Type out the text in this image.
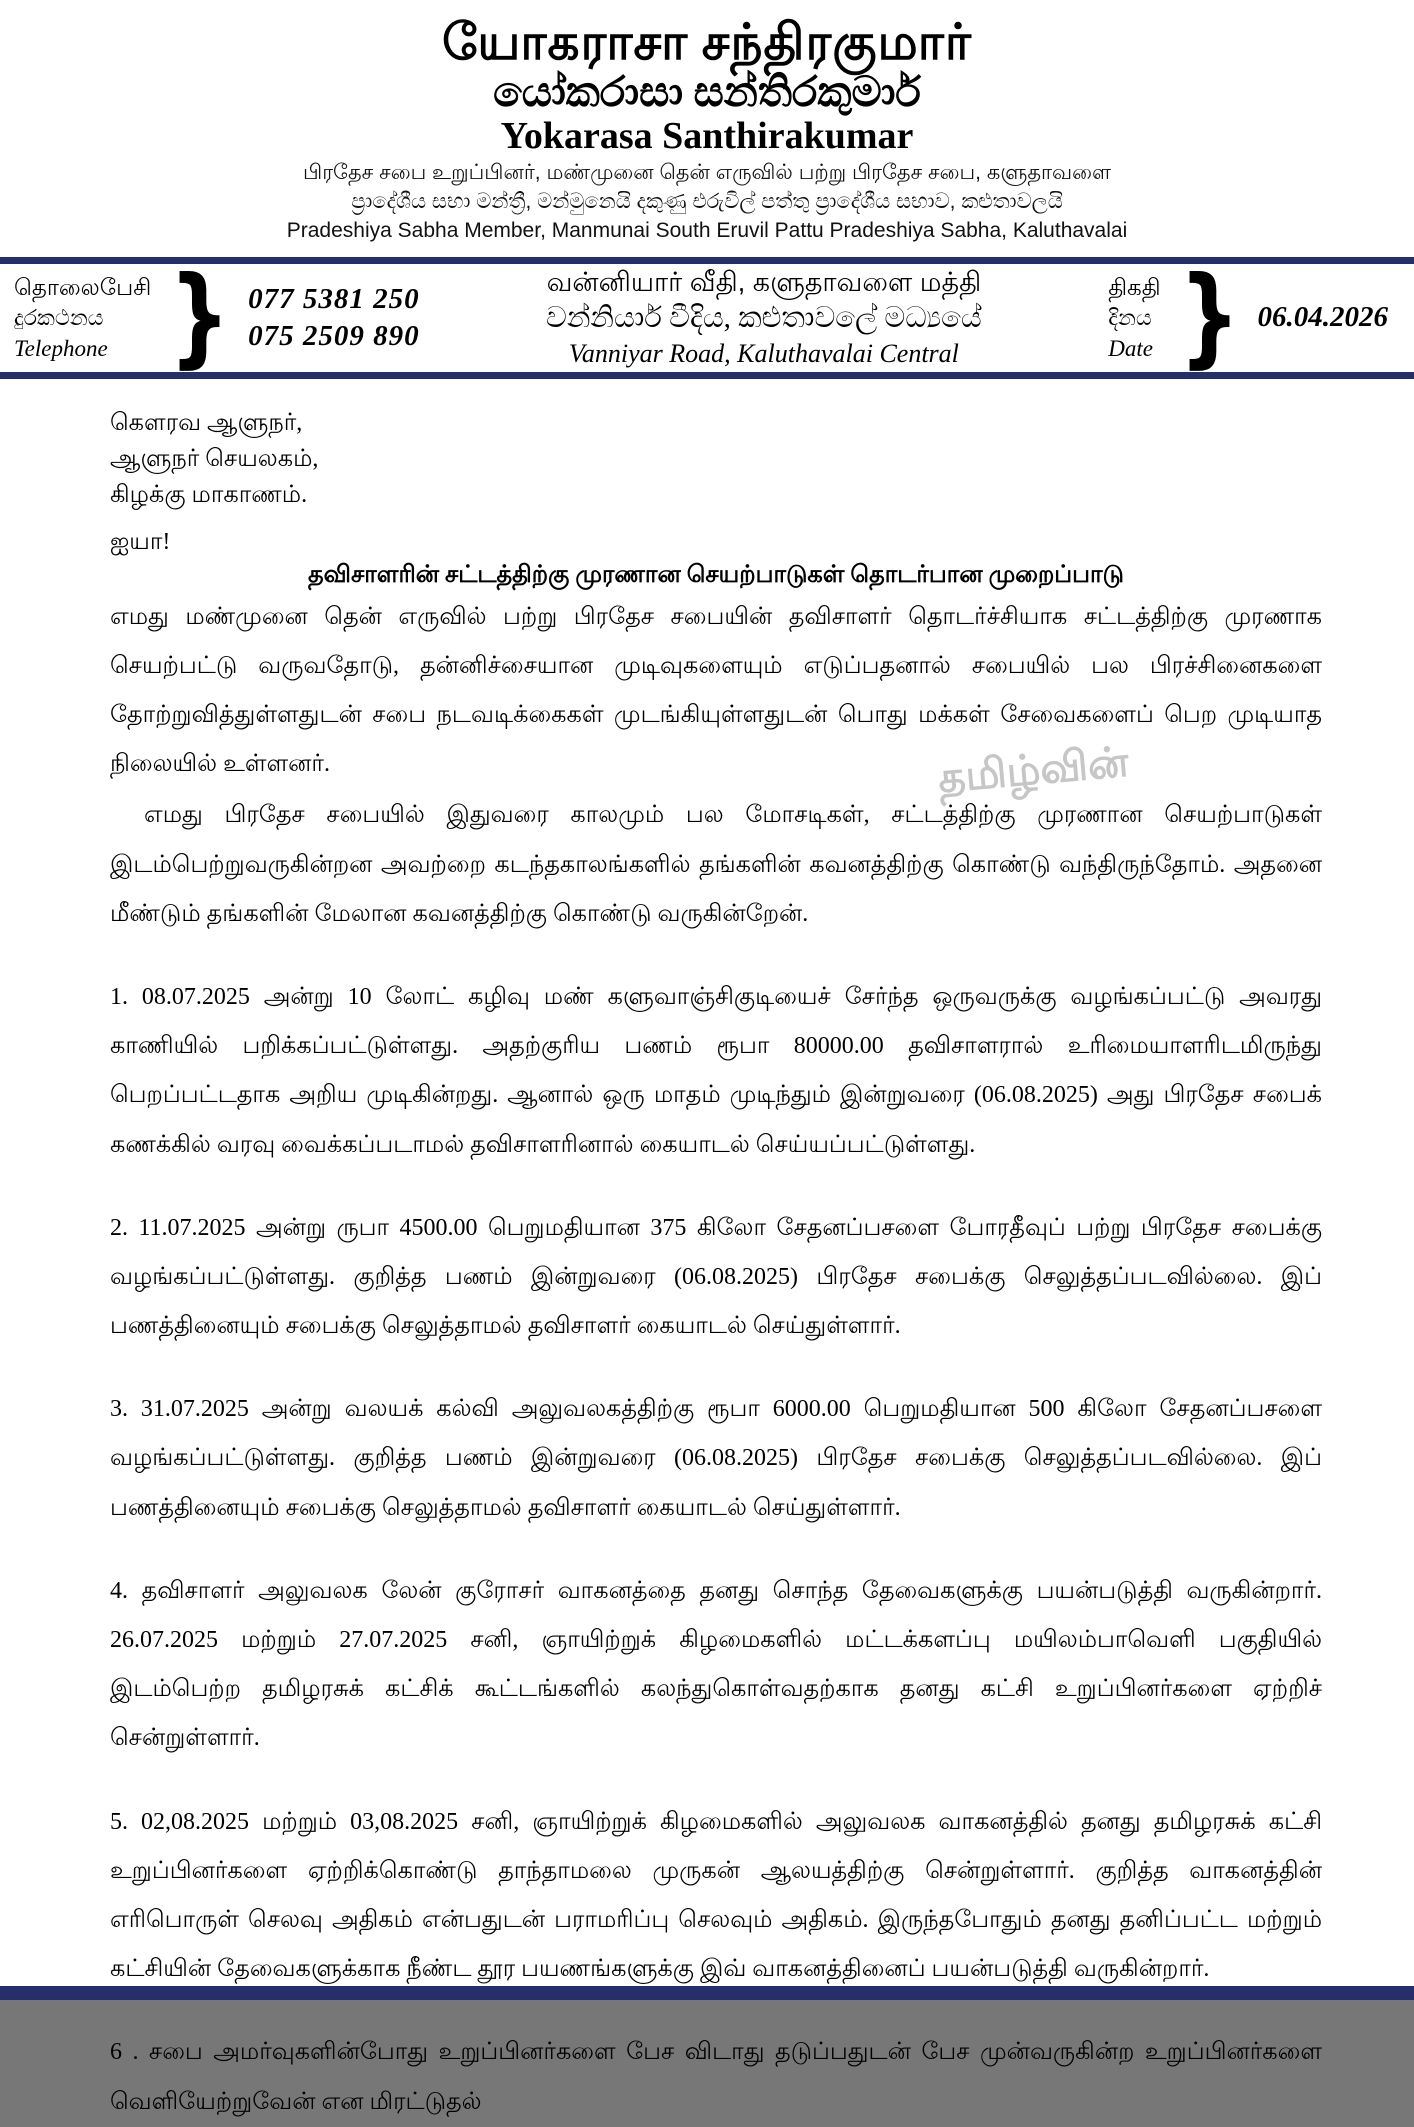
யோகராசா சந்திரகுமார்
යෝකරාසා සන්තිරකුමාර්
Yokarasa Santhirakumar
பிரதேச சபை உறுப்பினர், மண்முனை தென் எருவில் பற்று பிரதேச சபை, களுதாவளை
ප්‍රාදේශීය සභා මන්ත්‍රී, මන්මුනෙයි දකුණු එරුවිල් පත්තු ප්‍රාදේශීය සභාව, කළුතාවලයි
Pradeshiya Sabha Member, Manmunai South Eruvil Pattu Pradeshiya Sabha, Kaluthavalai
தொலைபேசி
දුරකථනය
Telephone } 077 5381 250
075 2509 890
வன்னியார் வீதி, களுதாவளை மத்தி
වන්නියාර් වීදිය, කළුතාවලේ මධ්‍යයේ
Vanniyar Road, Kaluthavalai Central
திகதி
දිනය
Date } 06.04.2026
கௌரவ ஆளுநர்,
ஆளுநர் செயலகம்,
கிழக்கு மாகாணம்.
ஐயா!
தவிசாளரின் சட்டத்திற்கு முரணான செயற்பாடுகள் தொடர்பான முறைப்பாடு

எமது மண்முனை தென் எருவில் பற்று பிரதேச சபையின் தவிசாளர் தொடர்ச்சியாக சட்டத்திற்கு முரணாக செயற்பட்டு வருவதோடு, தன்னிச்சையான முடிவுகளையும் எடுப்பதனால் சபையில் பல பிரச்சினைகளை தோற்றுவித்துள்ளதுடன் சபை நடவடிக்கைகள் முடங்கியுள்ளதுடன் பொது மக்கள் சேவைகளைப் பெற முடியாத நிலையில் உள்ளனர்.

எமது பிரதேச சபையில் இதுவரை காலமும் பல மோசடிகள், சட்டத்திற்கு முரணான செயற்பாடுகள் இடம்பெற்றுவருகின்றன அவற்றை கடந்தகாலங்களில் தங்களின் கவனத்திற்கு கொண்டு வந்திருந்தோம். அதனை மீண்டும் தங்களின் மேலான கவனத்திற்கு கொண்டு வருகின்றேன்.

1. 08.07.2025 அன்று 10 லோட் கழிவு மண் களுவாஞ்சிகுடியைச் சேர்ந்த ஒருவருக்கு வழங்கப்பட்டு அவரது காணியில் பறிக்கப்பட்டுள்ளது. அதற்குரிய பணம் ரூபா 80000.00 தவிசாளரால் உரிமையாளரிடமிருந்து பெறப்பட்டதாக அறிய முடிகின்றது. ஆனால் ஒரு மாதம் முடிந்தும் இன்றுவரை (06.08.2025) அது பிரதேச சபைக் கணக்கில் வரவு வைக்கப்படாமல் தவிசாளரினால் கையாடல் செய்யப்பட்டுள்ளது.

2. 11.07.2025 அன்று ருபா 4500.00 பெறுமதியான 375 கிலோ சேதனப்பசளை போரதீவுப் பற்று பிரதேச சபைக்கு வழங்கப்பட்டுள்ளது. குறித்த பணம் இன்றுவரை (06.08.2025) பிரதேச சபைக்கு செலுத்தப்படவில்லை. இப் பணத்தினையும் சபைக்கு செலுத்தாமல் தவிசாளர் கையாடல் செய்துள்ளார்.

3. 31.07.2025 அன்று வலயக் கல்வி அலுவலகத்திற்கு ரூபா 6000.00 பெறுமதியான 500 கிலோ சேதனப்பசளை வழங்கப்பட்டுள்ளது. குறித்த பணம் இன்றுவரை (06.08.2025) பிரதேச சபைக்கு செலுத்தப்படவில்லை. இப் பணத்தினையும் சபைக்கு செலுத்தாமல் தவிசாளர் கையாடல் செய்துள்ளார்.

4. தவிசாளர் அலுவலக லேன் குரோசர் வாகனத்தை தனது சொந்த தேவைகளுக்கு பயன்படுத்தி வருகின்றார். 26.07.2025 மற்றும் 27.07.2025 சனி, ஞாயிற்றுக் கிழமைகளில் மட்டக்களப்பு மயிலம்பாவெளி பகுதியில் இடம்பெற்ற தமிழரசுக் கட்சிக் கூட்டங்களில் கலந்துகொள்வதற்காக தனது கட்சி உறுப்பினர்களை ஏற்றிச் சென்றுள்ளார்.

5. 02,08.2025 மற்றும் 03,08.2025 சனி, ஞாயிற்றுக் கிழமைகளில் அலுவலக வாகனத்தில் தனது தமிழரசுக் கட்சி உறுப்பினர்களை ஏற்றிக்கொண்டு தாந்தாமலை முருகன் ஆலயத்திற்கு சென்றுள்ளார். குறித்த வாகனத்தின் எரிபொருள் செலவு அதிகம் என்பதுடன் பராமரிப்பு செலவும் அதிகம். இருந்தபோதும் தனது தனிப்பட்ட மற்றும் கட்சியின் தேவைகளுக்காக நீண்ட தூர பயணங்களுக்கு இவ் வாகனத்தினைப் பயன்படுத்தி வருகின்றார்.

6 . சபை அமர்வுகளின்போது உறுப்பினர்களை பேச விடாது தடுப்பதுடன் பேச முன்வருகின்ற உறுப்பினர்களை வெளியேற்றுவேன் என மிரட்டுதல்

தமிழ்வின்
